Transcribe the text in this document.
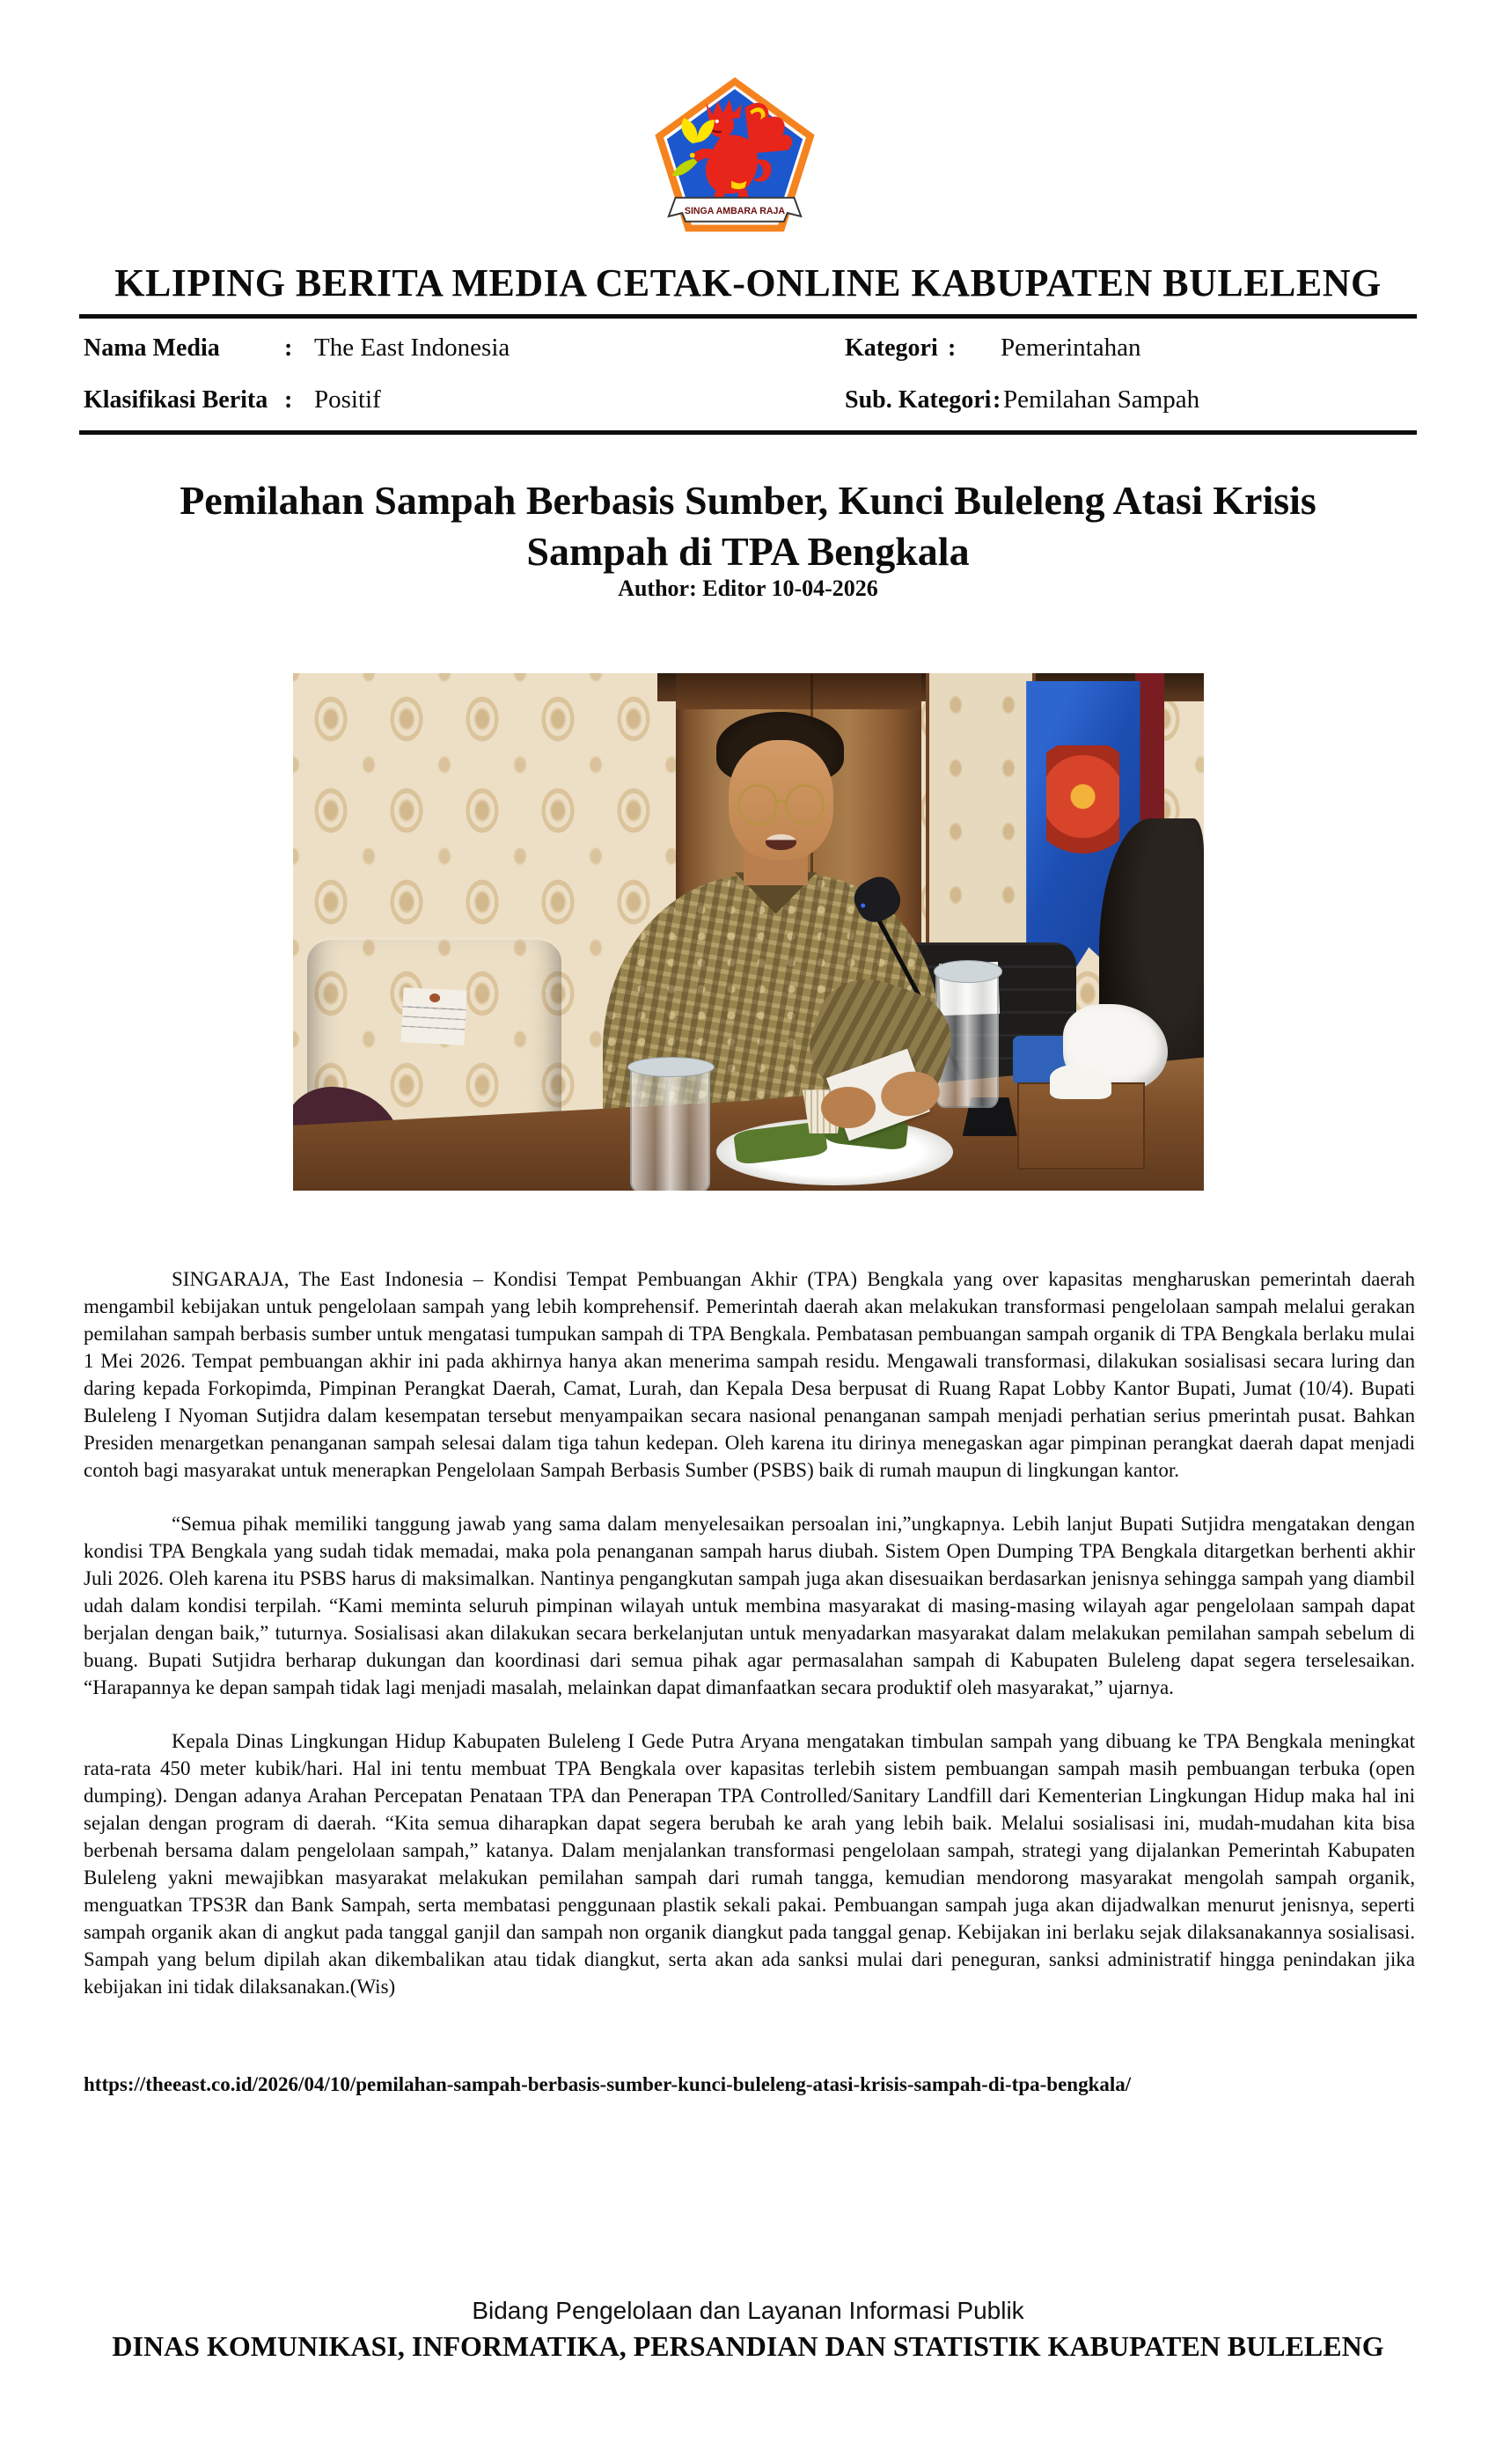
SINGA AMBARA RAJA
KLIPING BERITA MEDIA CETAK-ONLINE KABUPATEN BULELENG
Nama Media	: The East Indonesia
Klasifikasi Berita : Positif
Kategori :	Pemerintahan
Sub. Kategori : Pemilahan Sampah
Pemilahan Sampah Berbasis Sumber, Kunci Buleleng Atasi Krisis
Sampah di TPA Bengkala
Author: Editor 10-04-2026

SINGARAJA, The East Indonesia – Kondisi Tempat Pembuangan Akhir (TPA) Bengkala yang over kapasitas mengharuskan pemerintah daerah mengambil kebijakan untuk pengelolaan sampah yang lebih komprehensif. Pemerintah daerah akan melakukan transformasi pengelolaan sampah melalui gerakan pemilahan sampah berbasis sumber untuk mengatasi tumpukan sampah di TPA Bengkala. Pembatasan pembuangan sampah organik di TPA Bengkala berlaku mulai 1 Mei 2026. Tempat pembuangan akhir ini pada akhirnya hanya akan menerima sampah residu. Mengawali transformasi, dilakukan sosialisasi secara luring dan daring kepada Forkopimda, Pimpinan Perangkat Daerah, Camat, Lurah, dan Kepala Desa berpusat di Ruang Rapat Lobby Kantor Bupati, Jumat (10/4). Bupati Buleleng I Nyoman Sutjidra dalam kesempatan tersebut menyampaikan secara nasional penanganan sampah menjadi perhatian serius pmerintah pusat. Bahkan Presiden menargetkan penanganan sampah selesai dalam tiga tahun kedepan. Oleh karena itu dirinya menegaskan agar pimpinan perangkat daerah dapat menjadi contoh bagi masyarakat untuk menerapkan Pengelolaan Sampah Berbasis Sumber (PSBS) baik di rumah maupun di lingkungan kantor.

“Semua pihak memiliki tanggung jawab yang sama dalam menyelesaikan persoalan ini,”ungkapnya. Lebih lanjut Bupati Sutjidra mengatakan dengan kondisi TPA Bengkala yang sudah tidak memadai, maka pola penanganan sampah harus diubah. Sistem Open Dumping TPA Bengkala ditargetkan berhenti akhir Juli 2026. Oleh karena itu PSBS harus di maksimalkan. Nantinya pengangkutan sampah juga akan disesuaikan berdasarkan jenisnya sehingga sampah yang diambil udah dalam kondisi terpilah. “Kami meminta seluruh pimpinan wilayah untuk membina masyarakat di masing-masing wilayah agar pengelolaan sampah dapat berjalan dengan baik,” tuturnya. Sosialisasi akan dilakukan secara berkelanjutan untuk menyadarkan masyarakat dalam melakukan pemilahan sampah sebelum di buang. Bupati Sutjidra berharap dukungan dan koordinasi dari semua pihak agar permasalahan sampah di Kabupaten Buleleng dapat segera terselesaikan. “Harapannya ke depan sampah tidak lagi menjadi masalah, melainkan dapat dimanfaatkan secara produktif oleh masyarakat,” ujarnya.

Kepala Dinas Lingkungan Hidup Kabupaten Buleleng I Gede Putra Aryana mengatakan timbulan sampah yang dibuang ke TPA Bengkala meningkat rata-rata 450 meter kubik/hari. Hal ini tentu membuat TPA Bengkala over kapasitas terlebih sistem pembuangan sampah masih pembuangan terbuka (open dumping). Dengan adanya Arahan Percepatan Penataan TPA dan Penerapan TPA Controlled/Sanitary Landfill dari Kementerian Lingkungan Hidup maka hal ini sejalan dengan program di daerah. “Kita semua diharapkan dapat segera berubah ke arah yang lebih baik. Melalui sosialisasi ini, mudah-mudahan kita bisa berbenah bersama dalam pengelolaan sampah,” katanya. Dalam menjalankan transformasi pengelolaan sampah, strategi yang dijalankan Pemerintah Kabupaten Buleleng yakni mewajibkan masyarakat melakukan pemilahan sampah dari rumah tangga, kemudian mendorong masyarakat mengolah sampah organik, menguatkan TPS3R dan Bank Sampah, serta membatasi penggunaan plastik sekali pakai. Pembuangan sampah juga akan dijadwalkan menurut jenisnya, seperti sampah organik akan di angkut pada tanggal ganjil dan sampah non organik diangkut pada tanggal genap. Kebijakan ini berlaku sejak dilaksanakannya sosialisasi. Sampah yang belum dipilah akan dikembalikan atau tidak diangkut, serta akan ada sanksi mulai dari peneguran, sanksi administratif hingga penindakan jika kebijakan ini tidak dilaksanakan.(Wis)

https://theeast.co.id/2026/04/10/pemilahan-sampah-berbasis-sumber-kunci-buleleng-atasi-krisis-sampah-di-tpa-bengkala/
Bidang Pengelolaan dan Layanan Informasi Publik
DINAS KOMUNIKASI, INFORMATIKA, PERSANDIAN DAN STATISTIK KABUPATEN BULELENG
